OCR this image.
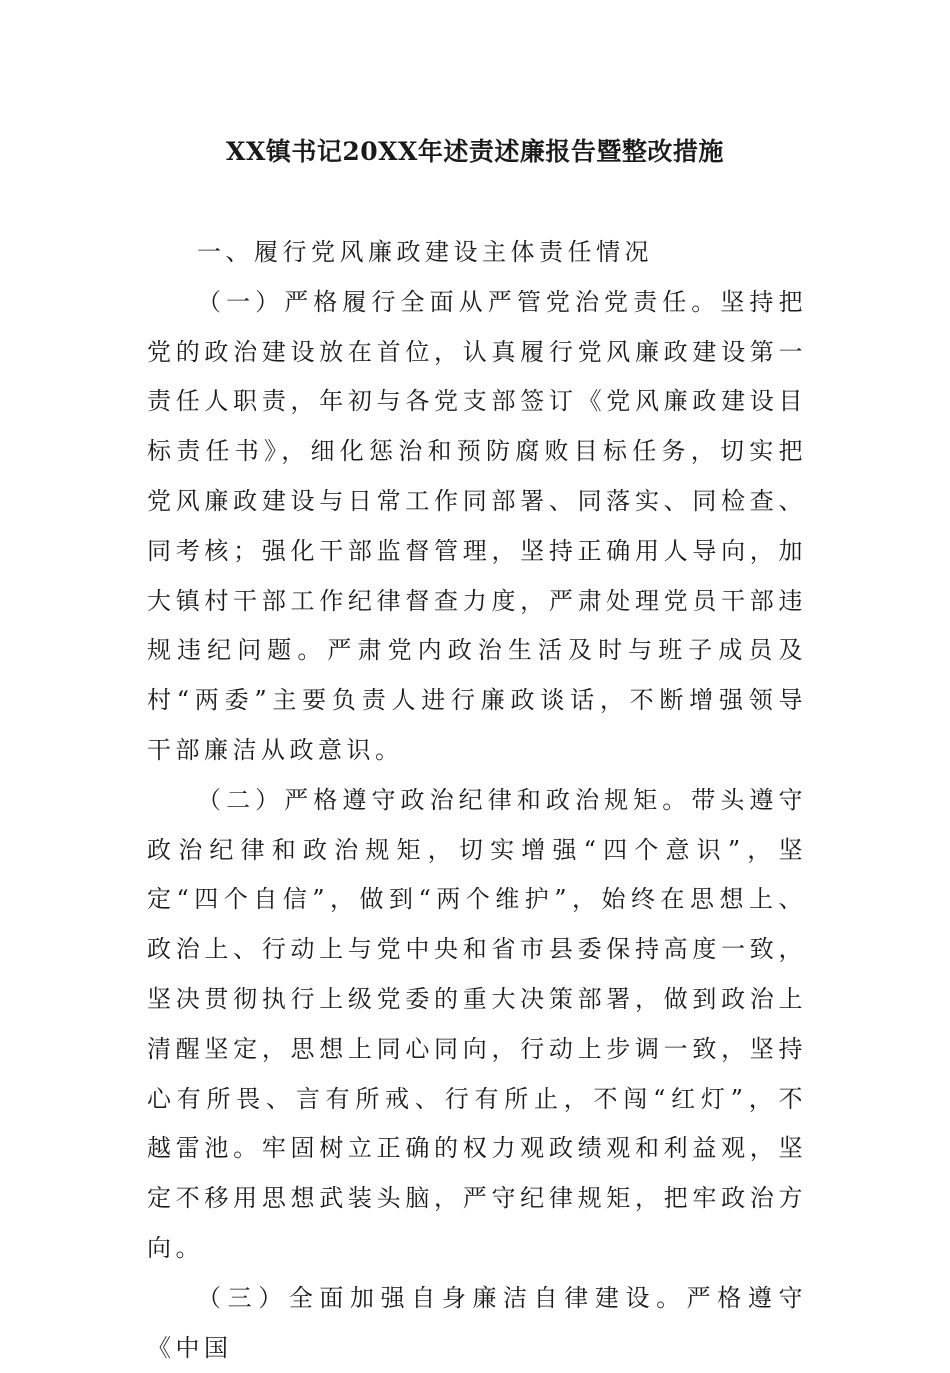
XX镇书记20XX年述责述廉报告暨整改措施

一、履行党风廉政建设主体责任情况

（一）严格履行全面从严管党治党责任。坚持把党的政治建设放在首位，认真履行党风廉政建设第一责任人职责，年初与各党支部签订《党风廉政建设目标责任书》，细化惩治和预防腐败目标任务，切实把党风廉政建设与日常工作同部署、同落实、同检查、同考核；强化干部监督管理，坚持正确用人导向，加大镇村干部工作纪律督查力度，严肃处理党员干部违规违纪问题。严肃党内政治生活及时与班子成员及村“两委”主要负责人进行廉政谈话，不断增强领导干部廉洁从政意识。

（二）严格遵守政治纪律和政治规矩。带头遵守政治纪律和政治规矩，切实增强“四个意识”，坚定“四个自信”，做到“两个维护”，始终在思想上、政治上、行动上与党中央和省市县委保持高度一致，坚决贯彻执行上级党委的重大决策部署，做到政治上清醒坚定，思想上同心同向，行动上步调一致，坚持心有所畏、言有所戒、行有所止，不闯“红灯”，不越雷池。牢固树立正确的权力观政绩观和利益观，坚定不移用思想武装头脑，严守纪律规矩，把牢政治方向。

（三）全面加强自身廉洁自律建设。严格遵守《中国
